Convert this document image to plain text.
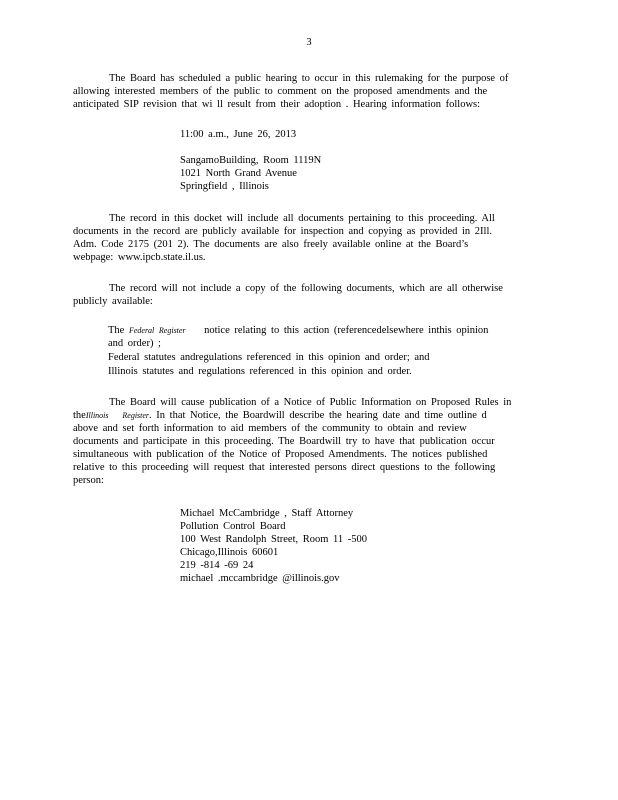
3
The Board has scheduled a public hearing to occur in this rulemaking for the purpose of
allowing interested members of the public to comment on the proposed amendments and the
anticipated SIP revision that wi ll result from their adoption . Hearing information follows:
11:00 a.m., June 26, 2013
SangamoBuilding, Room 1119N
1021 North Grand Avenue
Springfield , Illinois
The record in this docket will include all documents pertaining to this proceeding. All
documents in the record are publicly available for inspection and copying as provided in 2Ill.
Adm. Code 2175 (201 2). The documents are also freely available online at the Board’s
webpage: www.ipcb.state.il.us.
The record will not include a copy of the following documents, which are all otherwise
publicly available:
The Federal Register notice relating to this action (referencedelsewhere inthis opinion
and order) ;
Federal statutes andregulations referenced in this opinion and order; and
Illinois statutes and regulations referenced in this opinion and order.
The Board will cause publication of a Notice of Public Information on Proposed Rules in
theIllinois Register. In that Notice, the Boardwill describe the hearing date and time outline d
above and set forth information to aid members of the community to obtain and review
documents and participate in this proceeding. The Boardwill try to have that publication occur
simultaneous with publication of the Notice of Proposed Amendments. The notices published
relative to this proceeding will request that interested persons direct questions to the following
person:
Michael McCambridge , Staff Attorney
Pollution Control Board
100 West Randolph Street, Room 11 -500
Chicago,Illinois 60601
219 -814 -69 24
michael .mccambridge @illinois.gov
